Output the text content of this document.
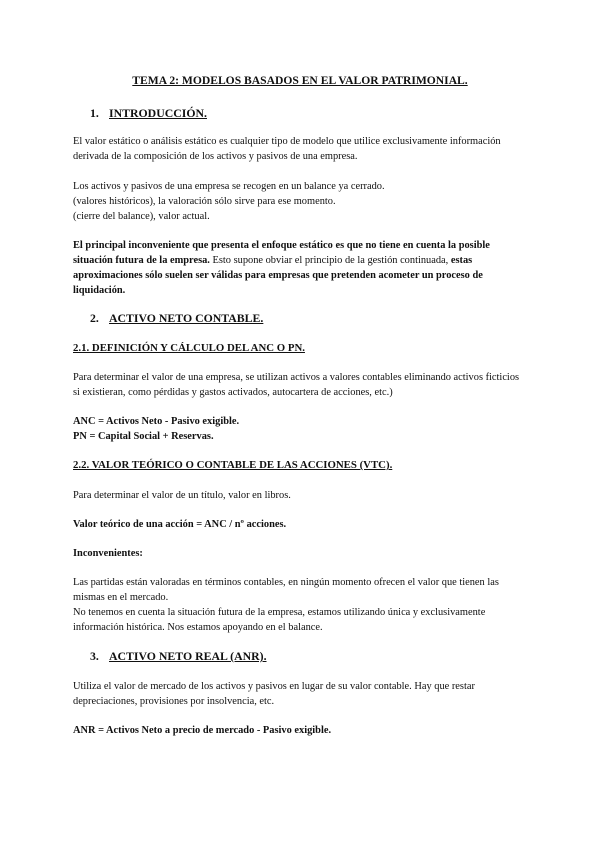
TEMA 2: MODELOS BASADOS EN EL VALOR PATRIMONIAL.

1. INTRODUCCIÓN.

El valor estático o análisis estático es cualquier tipo de modelo que utilice exclusivamente información derivada de la composición de los activos y pasivos de una empresa.

Los activos y pasivos de una empresa se recogen en un balance ya cerrado.
(valores históricos), la valoración sólo sirve para ese momento.
(cierre del balance), valor actual.

El principal inconveniente que presenta el enfoque estático es que no tiene en cuenta la posible situación futura de la empresa. Esto supone obviar el principio de la gestión continuada, estas aproximaciones sólo suelen ser válidas para empresas que pretenden acometer un proceso de liquidación.

2. ACTIVO NETO CONTABLE.

2.1. DEFINICIÓN Y CÁLCULO DEL ANC O PN.

Para determinar el valor de una empresa, se utilizan activos a valores contables eliminando activos ficticios si existieran, como pérdidas y gastos activados, autocartera de acciones, etc.)

ANC = Activos Neto - Pasivo exigible.

PN = Capital Social + Reservas.

2.2. VALOR TEÓRICO O CONTABLE DE LAS ACCIONES (VTC).

Para determinar el valor de un título, valor en libros.

Valor teórico de una acción = ANC / nº acciones.

Inconvenientes:

Las partidas están valoradas en términos contables, en ningún momento ofrecen el valor que tienen las mismas en el mercado.
No tenemos en cuenta la situación futura de la empresa, estamos utilizando única y exclusivamente información histórica. Nos estamos apoyando en el balance.

3. ACTIVO NETO REAL (ANR).

Utiliza el valor de mercado de los activos y pasivos en lugar de su valor contable. Hay que restar depreciaciones, provisiones por insolvencia, etc.

ANR = Activos Neto a precio de mercado - Pasivo exigible.
